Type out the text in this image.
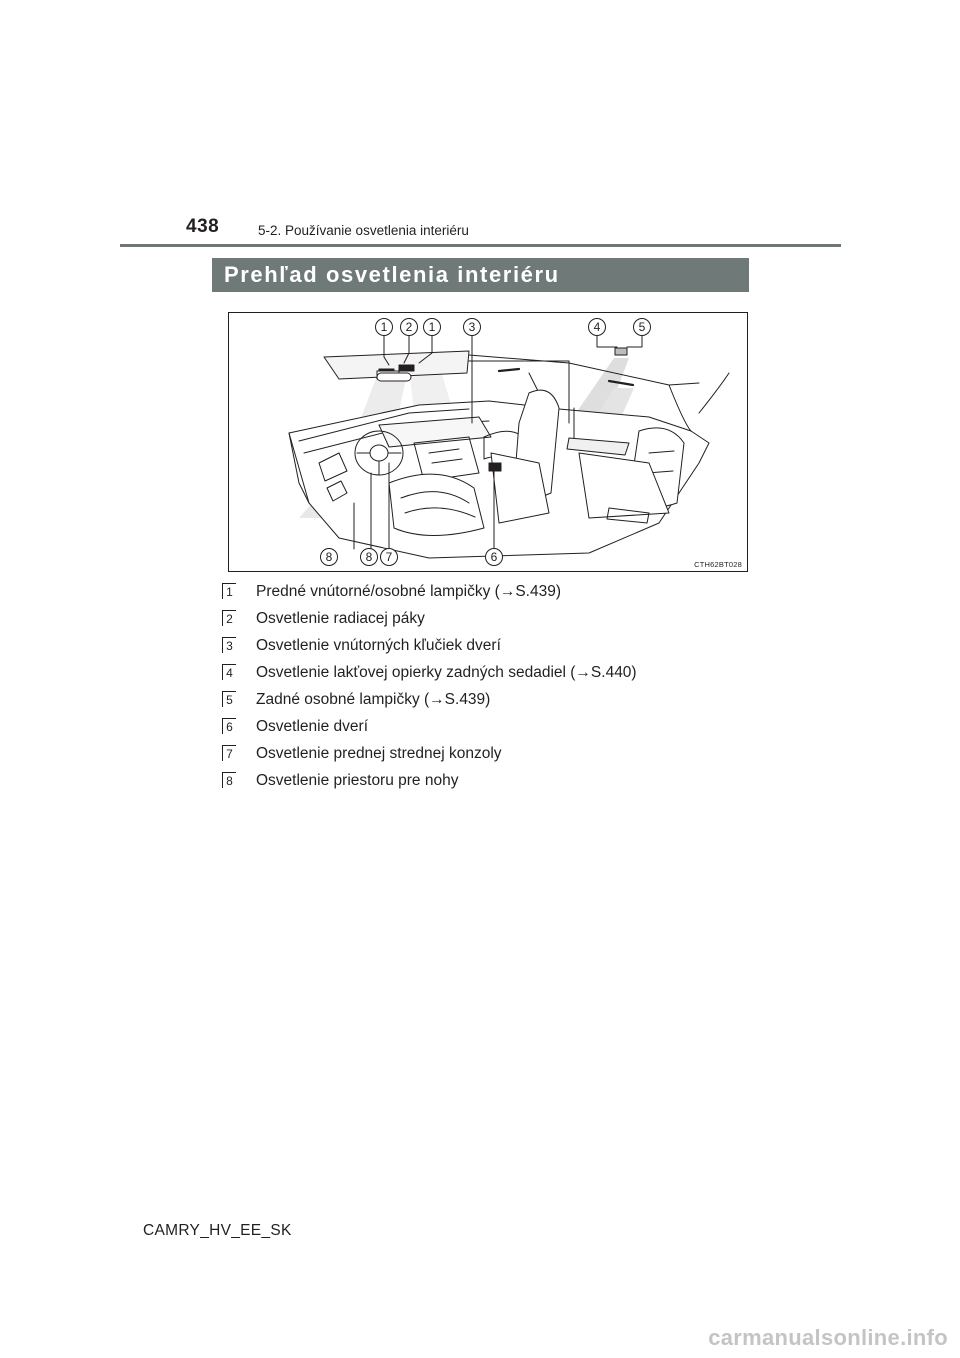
438	5-2. Používanie osvetlenia interiéru
Prehľad osvetlenia interiéru
1 2 1	3	4	5
8	8 7	6
CTH62BT028
1 Predné vnútorné/osobné lampičky (→S.439)
2 Osvetlenie radiacej páky
3 Osvetlenie vnútorných kľučiek dverí
4 Osvetlenie lakťovej opierky zadných sedadiel (→S.440)
5 Zadné osobné lampičky (→S.439)
6 Osvetlenie dverí
7 Osvetlenie prednej strednej konzoly
8 Osvetlenie priestoru pre nohy
CAMRY_HV_EE_SK
carmanualsonline.info
